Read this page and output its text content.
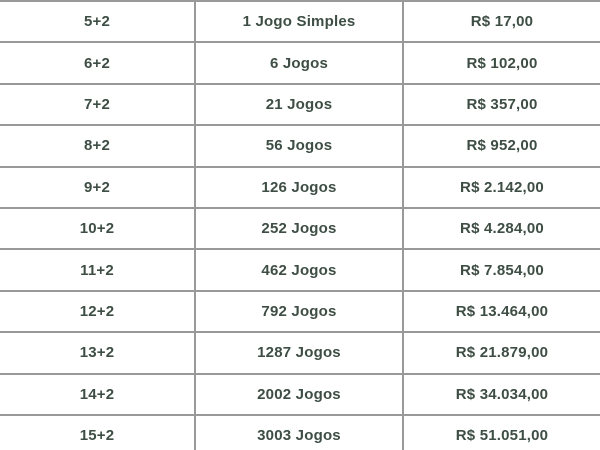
5+2	1 Jogo Simples	R$ 17,00
6+2	6 Jogos	R$ 102,00
7+2	21 Jogos	R$ 357,00
8+2	56 Jogos	R$ 952,00
9+2	126 Jogos	R$ 2.142,00
10+2	252 Jogos	R$ 4.284,00
11+2	462 Jogos	R$ 7.854,00
12+2	792 Jogos	R$ 13.464,00
13+2	1287 Jogos	R$ 21.879,00
14+2	2002 Jogos	R$ 34.034,00
15+2	3003 Jogos	R$ 51.051,00
